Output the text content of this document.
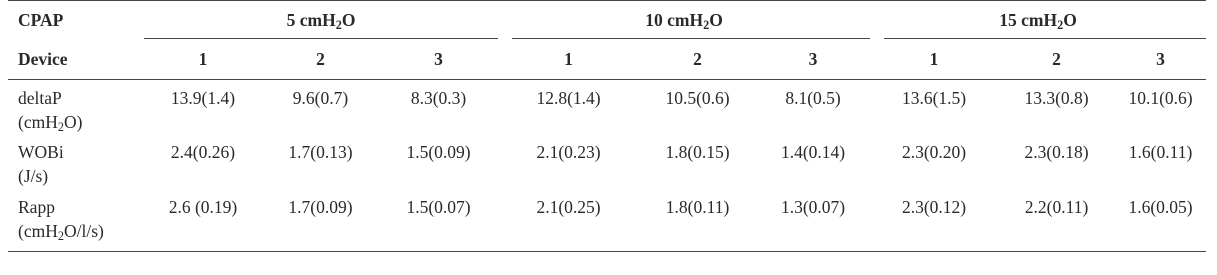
CPAP	5 cmH$_2$O			10 cmH$_2$O			15 cmH$_2$O		

Device	1	2	3	1	2	3	1	2	3
deltaP
(cmH$_2$O)	13.9(1.4)	9.6(0.7)	8.3(0.3)	12.8(1.4)	10.5(0.6)	8.1(0.5)	13.6(1.5)	13.3(0.8)	10.1(0.6)
WOBi
(J/s)	2.4(0.26)	1.7(0.13)	1.5(0.09)	2.1(0.23)	1.8(0.15)	1.4(0.14)	2.3(0.20)	2.3(0.18)	1.6(0.11)
Rapp
(cmH$_2$O/l/s)	2.6 (0.19)	1.7(0.09)	1.5(0.07)	2.1(0.25)	1.8(0.11)	1.3(0.07)	2.3(0.12)	2.2(0.11)	1.6(0.05)
